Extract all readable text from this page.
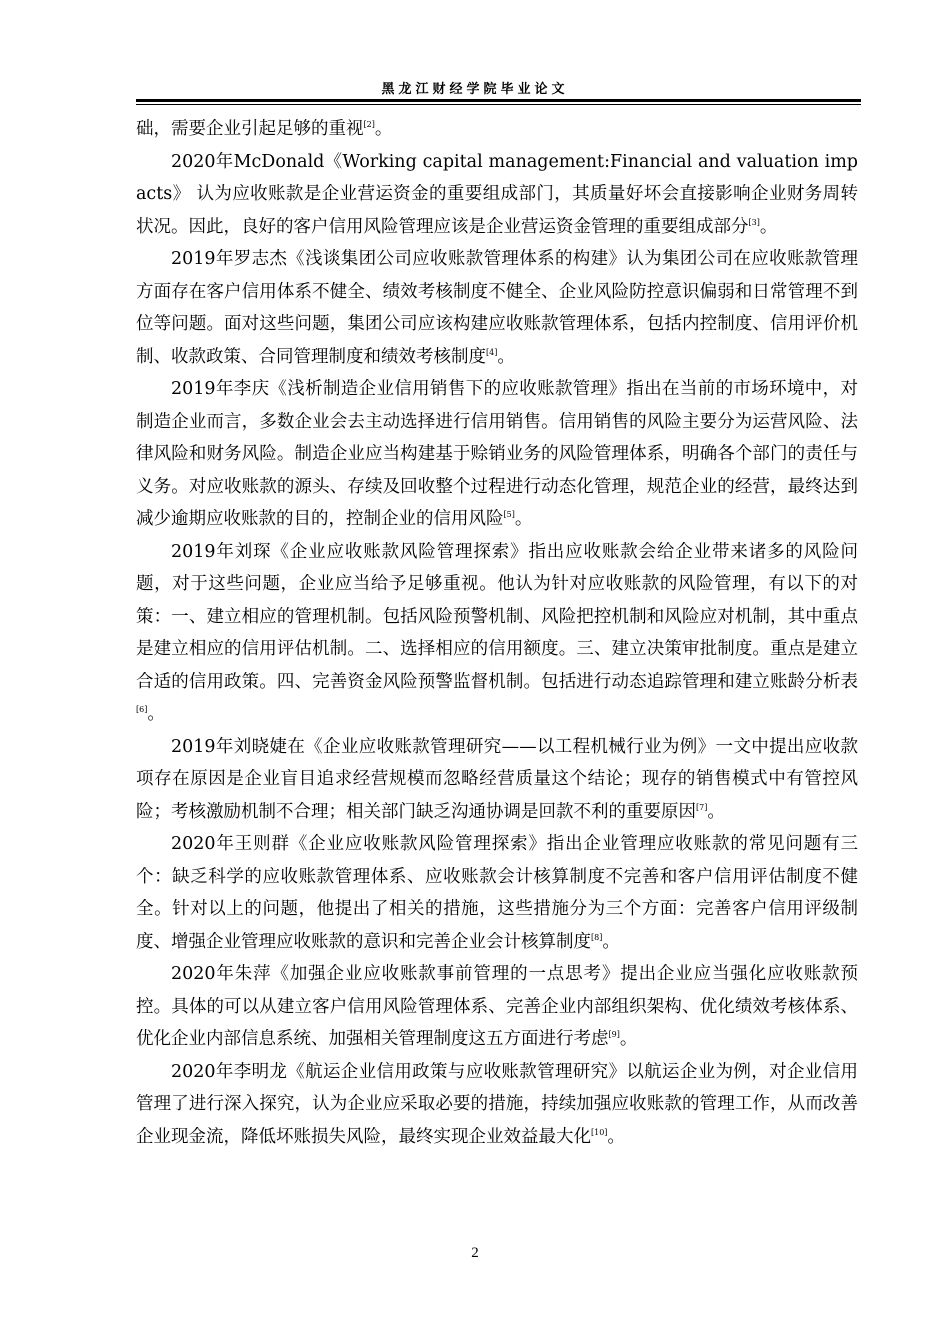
黑龙江财经学院毕业论文

础，需要企业引起足够的重视[2]。

2020年McDonald《Working capital management:Financial and valuation impacts》 认为应收账款是企业营运资金的重要组成部门，其质量好坏会直接影响企业财务周转状况。因此，良好的客户信用风险管理应该是企业营运资金管理的重要组成部分[3]。

2019年罗志杰《浅谈集团公司应收账款管理体系的构建》认为集团公司在应收账款管理方面存在客户信用体系不健全、绩效考核制度不健全、企业风险防控意识偏弱和日常管理不到位等问题。面对这些问题，集团公司应该构建应收账款管理体系，包括内控制度、信用评价机制、收款政策、合同管理制度和绩效考核制度[4]。

2019年李庆《浅析制造企业信用销售下的应收账款管理》指出在当前的市场环境中，对制造企业而言，多数企业会去主动选择进行信用销售。信用销售的风险主要分为运营风险、法律风险和财务风险。制造企业应当构建基于赊销业务的风险管理体系，明确各个部门的责任与义务。对应收账款的源头、存续及回收整个过程进行动态化管理，规范企业的经营，最终达到减少逾期应收账款的目的，控制企业的信用风险[5]。

2019年刘琛《企业应收账款风险管理探索》指出应收账款会给企业带来诸多的风险问题，对于这些问题，企业应当给予足够重视。他认为针对应收账款的风险管理，有以下的对策：一、建立相应的管理机制。包括风险预警机制、风险把控机制和风险应对机制，其中重点是建立相应的信用评估机制。二、选择相应的信用额度。三、建立决策审批制度。重点是建立合适的信用政策。四、完善资金风险预警监督机制。包括进行动态追踪管理和建立账龄分析表[6]。

2019年刘晓婕在《企业应收账款管理研究——以工程机械行业为例》一文中提出应收款项存在原因是企业盲目追求经营规模而忽略经营质量这个结论；现存的销售模式中有管控风险；考核激励机制不合理；相关部门缺乏沟通协调是回款不利的重要原因[7]。

2020年王则群《企业应收账款风险管理探索》指出企业管理应收账款的常见问题有三个：缺乏科学的应收账款管理体系、应收账款会计核算制度不完善和客户信用评估制度不健全。针对以上的问题，他提出了相关的措施，这些措施分为三个方面：完善客户信用评级制度、增强企业管理应收账款的意识和完善企业会计核算制度[8]。

2020年朱萍《加强企业应收账款事前管理的一点思考》提出企业应当强化应收账款预控。具体的可以从建立客户信用风险管理体系、完善企业内部组织架构、优化绩效考核体系、优化企业内部信息系统、加强相关管理制度这五方面进行考虑[9]。

2020年李明龙《航运企业信用政策与应收账款管理研究》以航运企业为例，对企业信用管理了进行深入探究，认为企业应采取必要的措施，持续加强应收账款的管理工作，从而改善企业现金流，降低坏账损失风险，最终实现企业效益最大化[10]。

2
